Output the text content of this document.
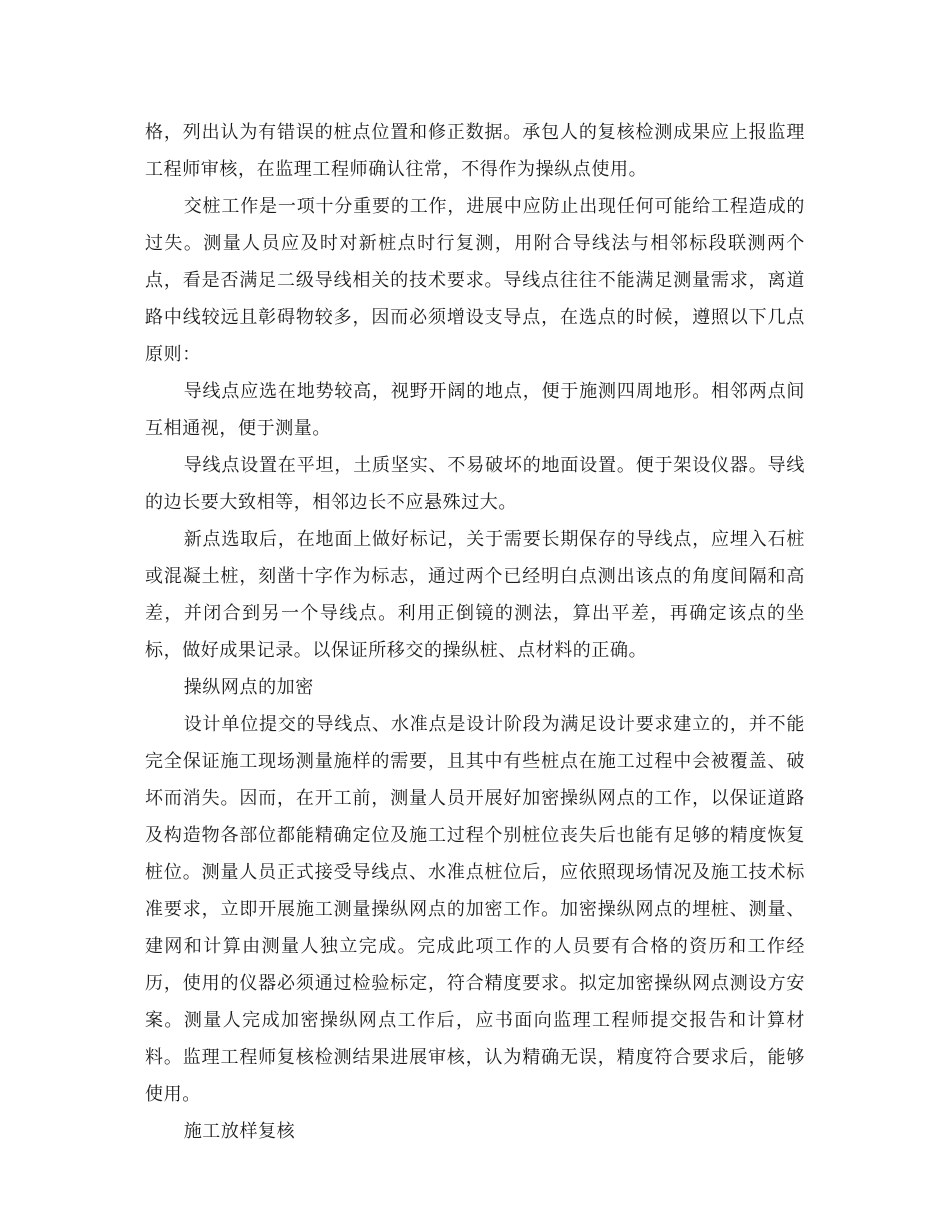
格，列出认为有错误的桩点位置和修正数据。承包人的复核检测成果应上报监理工程师审核，在监理工程师确认往常，不得作为操纵点使用。

交桩工作是一项十分重要的工作，进展中应防止出现任何可能给工程造成的过失。测量人员应及时对新桩点时行复测，用附合导线法与相邻标段联测两个点，看是否满足二级导线相关的技术要求。导线点往往不能满足测量需求，离道路中线较远且彰碍物较多，因而必须增设支导点，在选点的时候，遵照以下几点原则：

导线点应选在地势较高，视野开阔的地点，便于施测四周地形。相邻两点间互相通视，便于测量。

导线点设置在平坦，土质坚实、不易破坏的地面设置。便于架设仪器。导线的边长要大致相等，相邻边长不应悬殊过大。

新点选取后，在地面上做好标记，关于需要长期保存的导线点，应埋入石桩或混凝土桩，刻凿十字作为标志，通过两个已经明白点测出该点的角度间隔和高差，并闭合到另一个导线点。利用正倒镜的测法，算出平差，再确定该点的坐标，做好成果记录。以保证所移交的操纵桩、点材料的正确。

操纵网点的加密

设计单位提交的导线点、水准点是设计阶段为满足设计要求建立的，并不能完全保证施工现场测量施样的需要，且其中有些桩点在施工过程中会被覆盖、破坏而消失。因而，在开工前，测量人员开展好加密操纵网点的工作，以保证道路及构造物各部位都能精确定位及施工过程个别桩位丧失后也能有足够的精度恢复桩位。测量人员正式接受导线点、水准点桩位后，应依照现场情况及施工技术标准要求，立即开展施工测量操纵网点的加密工作。加密操纵网点的埋桩、测量、建网和计算由测量人独立完成。完成此项工作的人员要有合格的资历和工作经历，使用的仪器必须通过检验标定，符合精度要求。拟定加密操纵网点测设方安案。测量人完成加密操纵网点工作后，应书面向监理工程师提交报告和计算材料。监理工程师复核检测结果进展审核，认为精确无误，精度符合要求后，能够使用。

施工放样复核
